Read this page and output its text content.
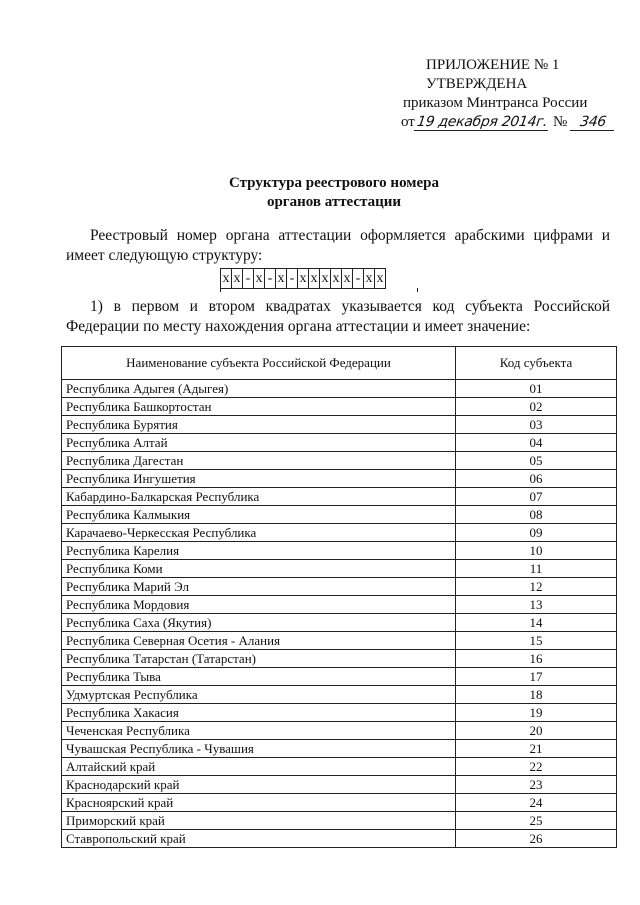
ПРИЛОЖЕНИЕ № 1
УТВЕРЖДЕНА
приказом Минтранса России
от19 декабря 2014г. № 346
Структура реестрового номера
органов аттестации
Реестровый номер органа аттестации оформляется арабскими цифрами и имеет следующую структуру:
x x - x - x - x x x x x - x x
1) в первом и втором квадратах указывается код субъекта Российской Федерации по месту нахождения органа аттестации и имеет значение:
Наименование субъекта Российской Федерации	Код субъекта
Республика Адыгея (Адыгея)	01
Республика Башкортостан	02
Республика Бурятия	03
Республика Алтай	04
Республика Дагестан	05
Республика Ингушетия	06
Кабардино-Балкарская Республика	07
Республика Калмыкия	08
Карачаево-Черкесская Республика	09
Республика Карелия	10
Республика Коми	11
Республика Марий Эл	12
Республика Мордовия	13
Республика Саха (Якутия)	14
Республика Северная Осетия - Алания	15
Республика Татарстан (Татарстан)	16
Республика Тыва	17
Удмуртская Республика	18
Республика Хакасия	19
Чеченская Республика	20
Чувашская Республика - Чувашия	21
Алтайский край	22
Краснодарский край	23
Красноярский край	24
Приморский край	25
Ставропольский край	26
